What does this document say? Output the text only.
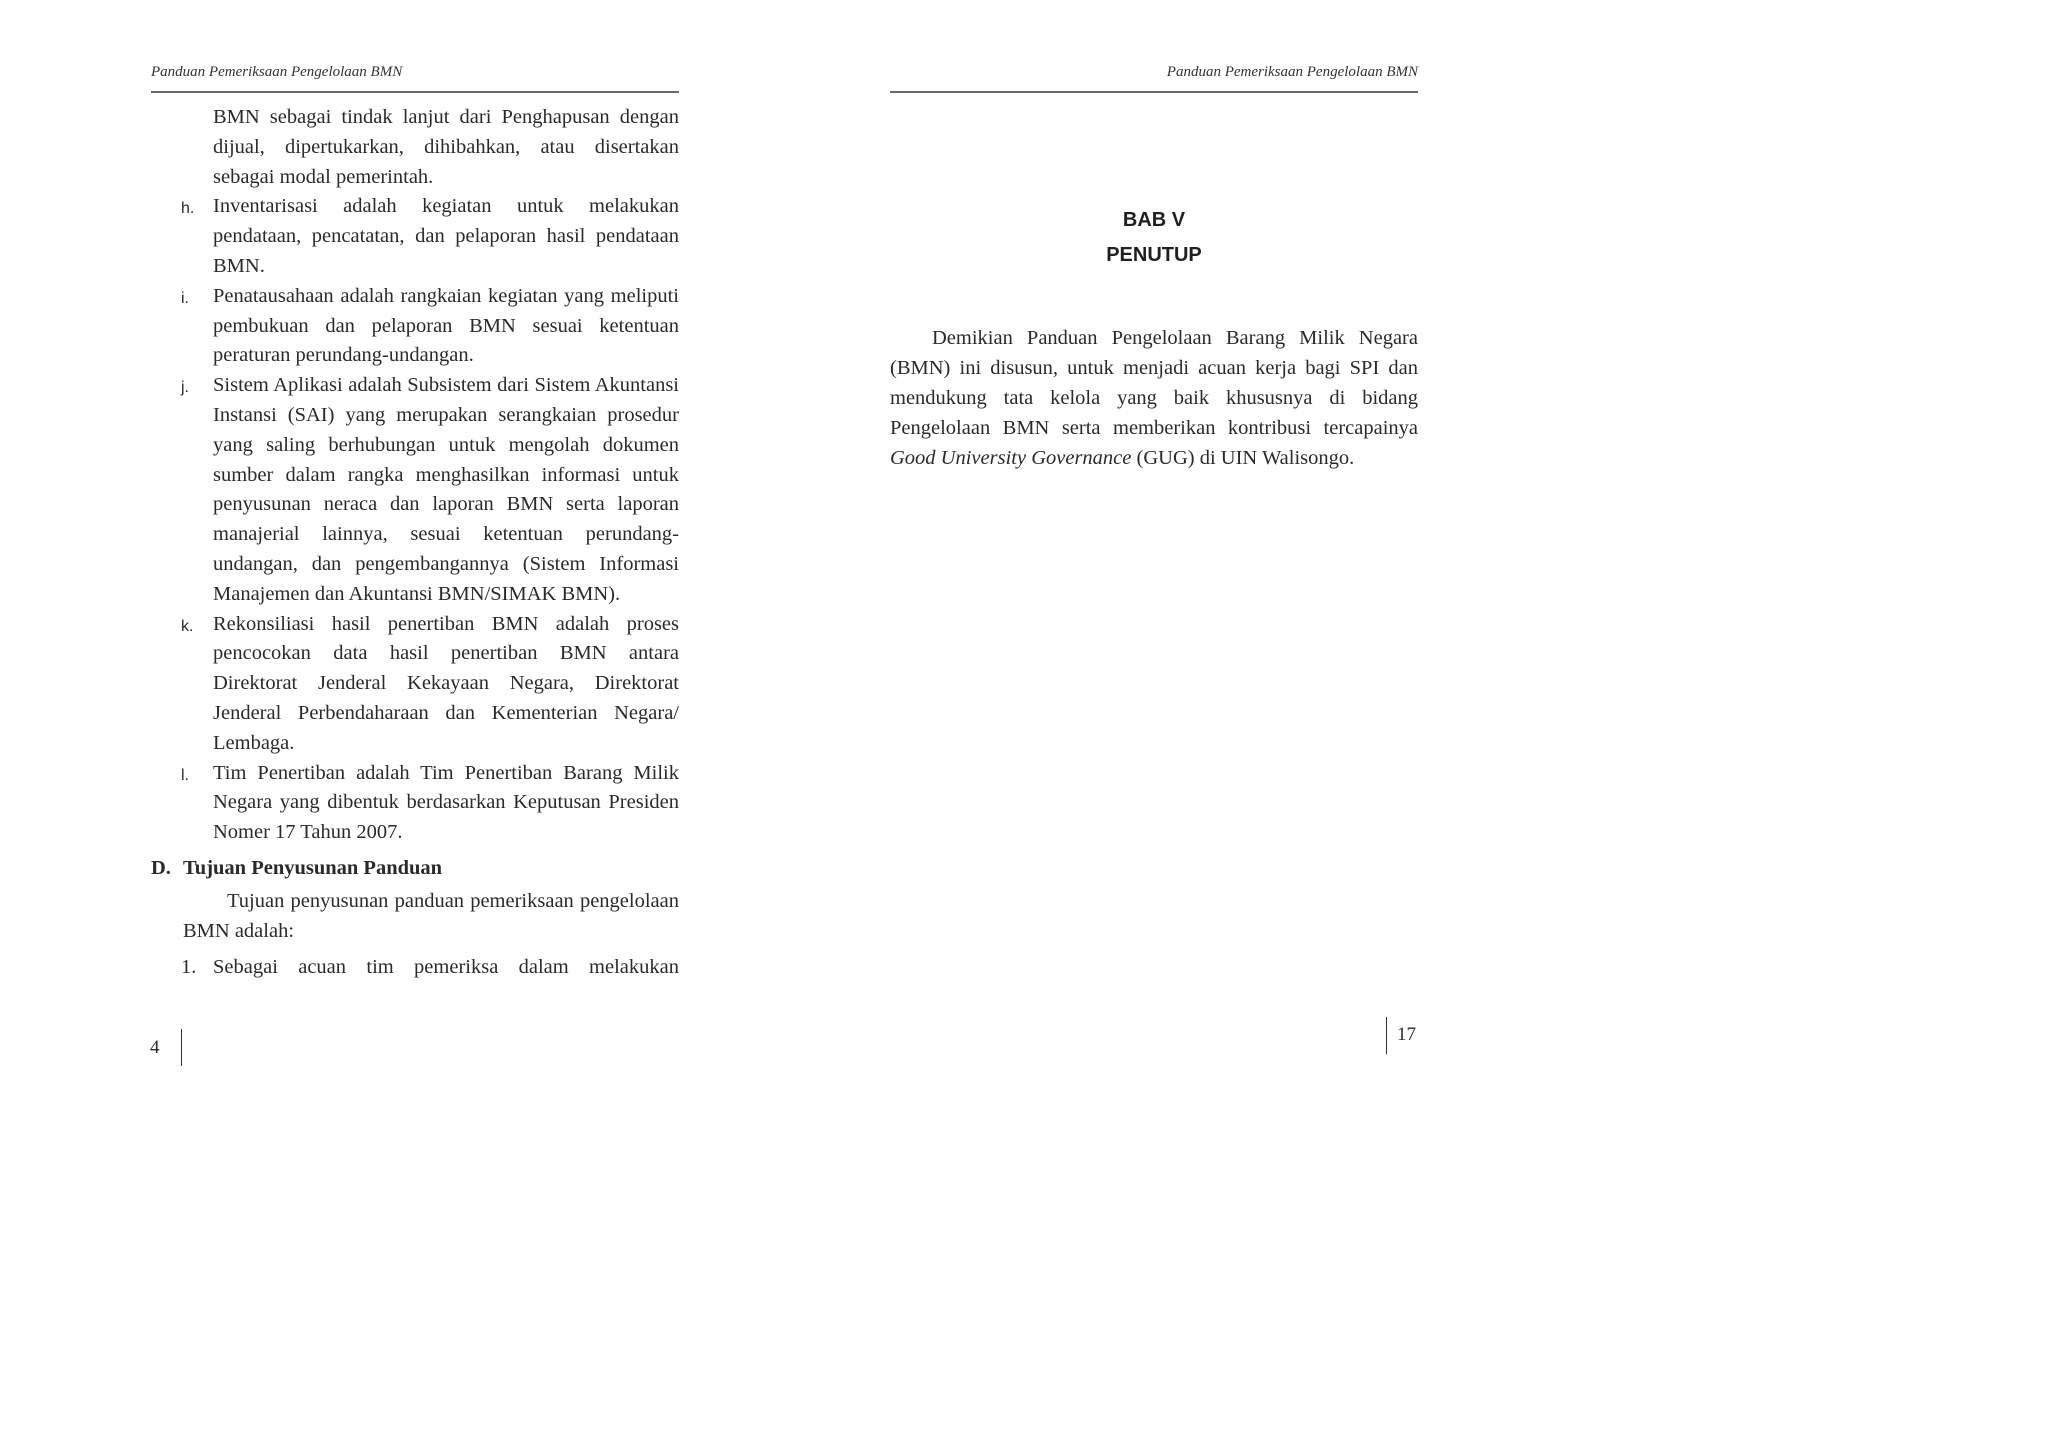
Panduan Pemeriksaan Pengelolaan BMN
BMN sebagai tindak lanjut dari Penghapusan dengan dijual, dipertukarkan, dihibahkan, atau disertakan sebagai modal pemerintah.
h. Inventarisasi adalah kegiatan untuk melakukan pendataan, pencatatan, dan pelaporan hasil pendataan BMN.
i.	Penatausahaan adalah rangkaian kegiatan yang meliputi pembukuan dan pelaporan BMN sesuai ketentuan peraturan perundang-undangan.
j.	Sistem Aplikasi adalah Subsistem dari Sistem Akuntansi Instansi (SAI) yang merupakan serangkaian prosedur yang saling berhubungan untuk mengolah dokumen sumber dalam rangka menghasilkan informasi untuk penyusunan neraca dan laporan BMN serta laporan manajerial lainnya, sesuai ketentuan perundang-undangan, dan pengembangannya (Sistem Informasi Manajemen dan Akuntansi BMN/SIMAK BMN).
k. Rekonsiliasi hasil penertiban BMN adalah proses pencocokan data hasil penertiban BMN antara Direktorat Jenderal Kekayaan Negara, Direktorat Jenderal Perbendaharaan dan Kementerian Negara/ Lembaga.
l.	Tim Penertiban adalah Tim Penertiban Barang Milik Negara yang dibentuk berdasarkan Keputusan Presiden Nomer 17 Tahun 2007.
D. Tujuan Penyusunan Panduan
Tujuan penyusunan panduan pemeriksaan pengelolaan BMN adalah:
1. Sebagai acuan tim pemeriksa dalam melakukan
4
Panduan Pemeriksaan Pengelolaan BMN
BAB V
PENUTUP
Demikian Panduan Pengelolaan Barang Milik Negara (BMN) ini disusun, untuk menjadi acuan kerja bagi SPI dan mendukung tata kelola yang baik khususnya di bidang Pengelolaan BMN serta memberikan kontribusi tercapainya Good University Governance (GUG) di UIN Walisongo.
17
